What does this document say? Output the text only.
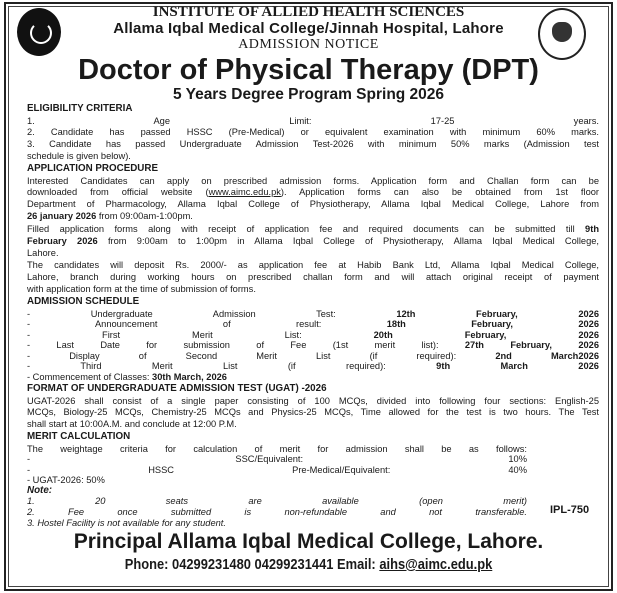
INSTITUTE OF ALLIED HEALTH SCIENCES
Allama Iqbal Medical College/Jinnah Hospital, Lahore
ADMISSION NOTICE
Doctor of Physical Therapy (DPT)
5 Years Degree Program Spring 2026
ELIGIBILITY CRITERIA
1. Age Limit: 17-25 years.
2. Candidate has passed HSSC (Pre-Medical) or equivalent examination with minimum 60% marks.
3. Candidate has passed Undergraduate Admission Test-2026 with minimum 50% marks (Admission test
schedule is given below).
APPLICATION PROCEDURE
Interested Candidates can apply on prescribed admission forms. Application form and Challan form can be
downloaded from official website (www.aimc.edu.pk). Application forms can also be obtained from 1st floor
Department of Pharmacology, Allama Iqbal College of Physiotherapy, Allama Iqbal Medical College, Lahore from
26 january 2026 from 09:00am-1:00pm.
Filled application forms along with receipt of application fee and required documents can be submitted till 9th
February 2026 from 9:00am to 1:00pm in Allama Iqbal College of Physiotherapy, Allama Iqbal Medical College,
Lahore.
The candidates will deposit Rs. 2000/- as application fee at Habib Bank Ltd, Allama Iqbal Medical College,
Lahore, branch during working hours on prescribed challan form and will attach original receipt of payment
with application form at the time of submission of forms.
ADMISSION SCHEDULE
- Undergraduate Admission Test: 12th February, 2026
- Announcement of result: 18th February, 2026
- First Merit List: 20th February, 2026
- Last Date for submission of Fee (1st merit list): 27th February, 2026
- Display of Second Merit List (if required): 2nd March2026
- Third Merit List (if required): 9th March 2026
- Commencement of Classes: 30th March, 2026
FORMAT OF UNDERGRADUATE ADMISSION TEST (UGAT) -2026
UGAT-2026 shall consist of a single paper consisting of 100 MCQs, divided into following four sections: English-25
MCQs, Biology-25 MCQs, Chemistry-25 MCQs and Physics-25 MCQs, Time allowed for the test is two hours. The Test
shall start at 10:00A.M. and conclude at 12:00 P.M.
MERIT CALCULATION
The weightage criteria for calculation of merit for admission shall be as follows:
- SSC/Equivalent: 10%
- HSSC Pre-Medical/Equivalent: 40%
- UGAT-2026: 50%
Note:
1. 20 seats are available (open merit)
2. Fee once submitted is non-refundable and not transferable.
3. Hostel Facility is not available for any student.
IPL-750
Principal Allama Iqbal Medical College, Lahore.
Phone: 04299231480 04299231441 Email: aihs@aimc.edu.pk
